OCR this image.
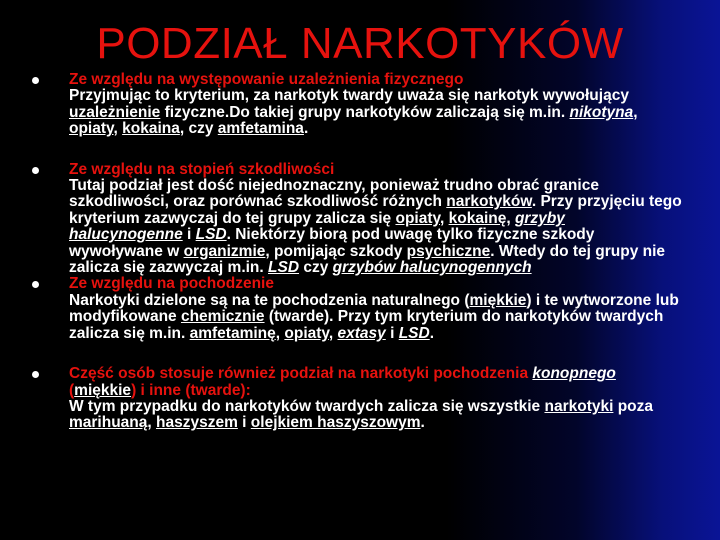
PODZIAŁ NARKOTYKÓW
Ze względu na występowanie uzależnienia fizycznego
Przyjmując to kryterium, za narkotyk twardy uważa się narkotyk wywołujący uzależnienie fizyczne.Do takiej grupy narkotyków zaliczają się m.in. nikotyna, opiaty, kokaina, czy amfetamina.
Ze względu na stopień szkodliwości
Tutaj podział jest dość niejednoznaczny, ponieważ trudno obrać granice szkodliwości, oraz porównać szkodliwość różnych narkotyków. Przy przyjęciu tego kryterium zazwyczaj do tej grupy zalicza się opiaty, kokainę, grzyby halucynogenne i LSD. Niektórzy biorą pod uwagę tylko fizyczne szkody wywoływane w organizmie, pomijając szkody psychiczne. Wtedy do tej grupy nie zalicza się zazwyczaj m.in. LSD czy grzybów halucynogennych
Ze względu na pochodzenie
Narkotyki dzielone są na te pochodzenia naturalnego (miękkie) i te wytworzone lub modyfikowane chemicznie (twarde). Przy tym kryterium do narkotyków twardych zalicza się m.in. amfetaminę, opiaty, extasy i LSD.
Część osób stosuje również podział na narkotyki pochodzenia konopnego (miękkie) i inne (twarde):
W tym przypadku do narkotyków twardych zalicza się wszystkie narkotyki poza marihuaną, haszyszem i olejkiem haszyszowym.
